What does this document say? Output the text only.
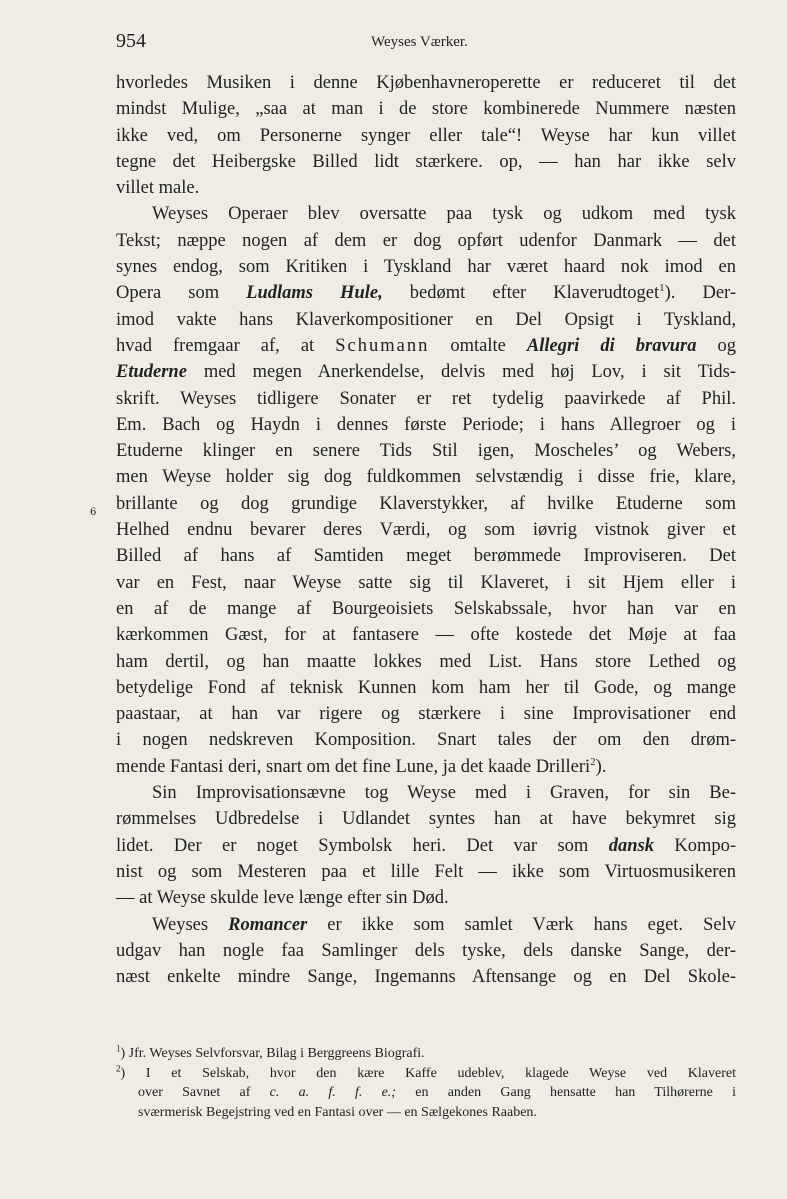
954	Weyses Værker.
6
hvorledes Musiken i denne Kjøbenhavneroperette er reduceret til det
mindst Mulige, „saa at man i de store kombinerede Nummere næsten
ikke ved, om Personerne synger eller tale“! Weyse har kun villet
tegne det Heibergske Billed lidt stærkere. op, — han har ikke selv
villet male.
Weyses Operaer blev oversatte paa tysk og udkom med tysk
Tekst; næppe nogen af dem er dog opført udenfor Danmark — det
synes endog, som Kritiken i Tyskland har været haard nok imod en
Opera som Ludlams Hule, bedømt efter Klaverudtoget$^1$). Der-
imod vakte hans Klaverkompositioner en Del Opsigt i Tyskland,
hvad fremgaar af, at Schumann omtalte Allegri di bravura og
Etuderne med megen Anerkendelse, delvis med høj Lov, i sit Tids-
skrift. Weyses tidligere Sonater er ret tydelig paavirkede af Phil.
Em. Bach og Haydn i dennes første Periode; i hans Allegroer og i
Etuderne klinger en senere Tids Stil igen, Moscheles’ og Webers,
men Weyse holder sig dog fuldkommen selvstændig i disse frie, klare,
brillante og dog grundige Klaverstykker, af hvilke Etuderne som
Helhed endnu bevarer deres Værdi, og som iøvrig vistnok giver et
Billed af hans af Samtiden meget berømmede Improviseren. Det
var en Fest, naar Weyse satte sig til Klaveret, i sit Hjem eller i
en af de mange af Bourgeoisiets Selskabssale, hvor han var en
kærkommen Gæst, for at fantasere — ofte kostede det Møje at faa
ham dertil, og han maatte lokkes med List. Hans store Lethed og
betydelige Fond af teknisk Kunnen kom ham her til Gode, og mange
paastaar, at han var rigere og stærkere i sine Improvisationer end
i nogen nedskreven Komposition. Snart tales der om den drøm-
mende Fantasi deri, snart om det fine Lune, ja det kaade Drilleri$^2$).
Sin Improvisationsævne tog Weyse med i Graven, for sin Be-
rømmelses Udbredelse i Udlandet syntes han at have bekymret sig
lidet. Der er noget Symbolsk heri. Det var som dansk Kompo-
nist og som Mesteren paa et lille Felt — ikke som Virtuosmusikeren
— at Weyse skulde leve længe efter sin Død.
Weyses Romancer er ikke som samlet Værk hans eget. Selv
udgav han nogle faa Samlinger dels tyske, dels danske Sange, der-
næst enkelte mindre Sange, Ingemanns Aftensange og en Del Skole-
$^1$) Jfr. Weyses Selvforsvar, Bilag i Berggreens Biografi.
$^2$) I et Selskab, hvor den kære Kaffe udeblev, klagede Weyse ved Klaveret
over Savnet af c. a. f. f. e.; en anden Gang hensatte han Tilhørerne i
sværmerisk Begejstring ved en Fantasi over — en Sælgekones Raaben.
